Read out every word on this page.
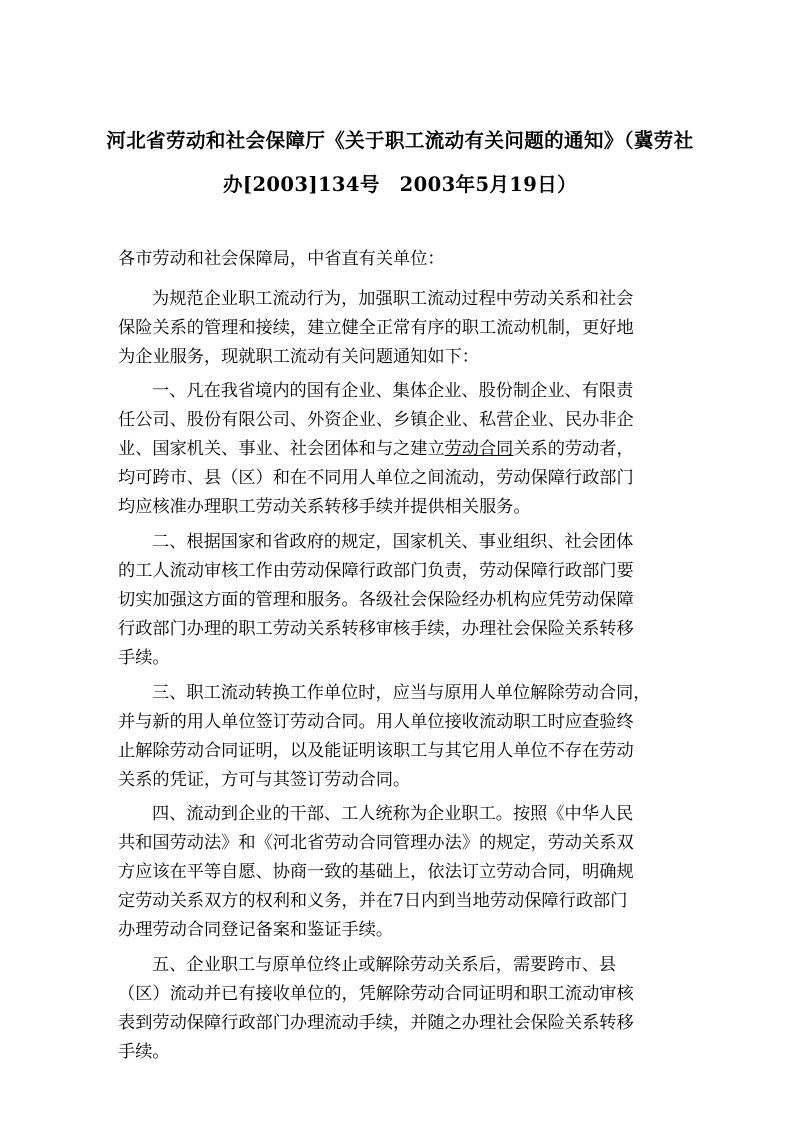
河北省劳动和社会保障厅《关于职工流动有关问题的通知》（冀劳社
办[2003]134号　2003年5月19日）
各市劳动和社会保障局，中省直有关单位：
为规范企业职工流动行为，加强职工流动过程中劳动关系和社会
保险关系的管理和接续，建立健全正常有序的职工流动机制，更好地
为企业服务，现就职工流动有关问题通知如下：
一、凡在我省境内的国有企业、集体企业、股份制企业、有限责
任公司、股份有限公司、外资企业、乡镇企业、私营企业、民办非企
业、国家机关、事业、社会团体和与之建立劳动合同关系的劳动者，
均可跨市、县（区）和在不同用人单位之间流动，劳动保障行政部门
均应核准办理职工劳动关系转移手续并提供相关服务。
二、根据国家和省政府的规定，国家机关、事业组织、社会团体
的工人流动审核工作由劳动保障行政部门负责，劳动保障行政部门要
切实加强这方面的管理和服务。各级社会保险经办机构应凭劳动保障
行政部门办理的职工劳动关系转移审核手续，办理社会保险关系转移
手续。
三、职工流动转换工作单位时，应当与原用人单位解除劳动合同，
并与新的用人单位签订劳动合同。用人单位接收流动职工时应查验终
止解除劳动合同证明，以及能证明该职工与其它用人单位不存在劳动
关系的凭证，方可与其签订劳动合同。
四、流动到企业的干部、工人统称为企业职工。按照《中华人民
共和国劳动法》和《河北省劳动合同管理办法》的规定，劳动关系双
方应该在平等自愿、协商一致的基础上，依法订立劳动合同，明确规
定劳动关系双方的权利和义务，并在7日内到当地劳动保障行政部门
办理劳动合同登记备案和鉴证手续。
五、企业职工与原单位终止或解除劳动关系后，需要跨市、县
（区）流动并已有接收单位的，凭解除劳动合同证明和职工流动审核
表到劳动保障行政部门办理流动手续，并随之办理社会保险关系转移
手续。
